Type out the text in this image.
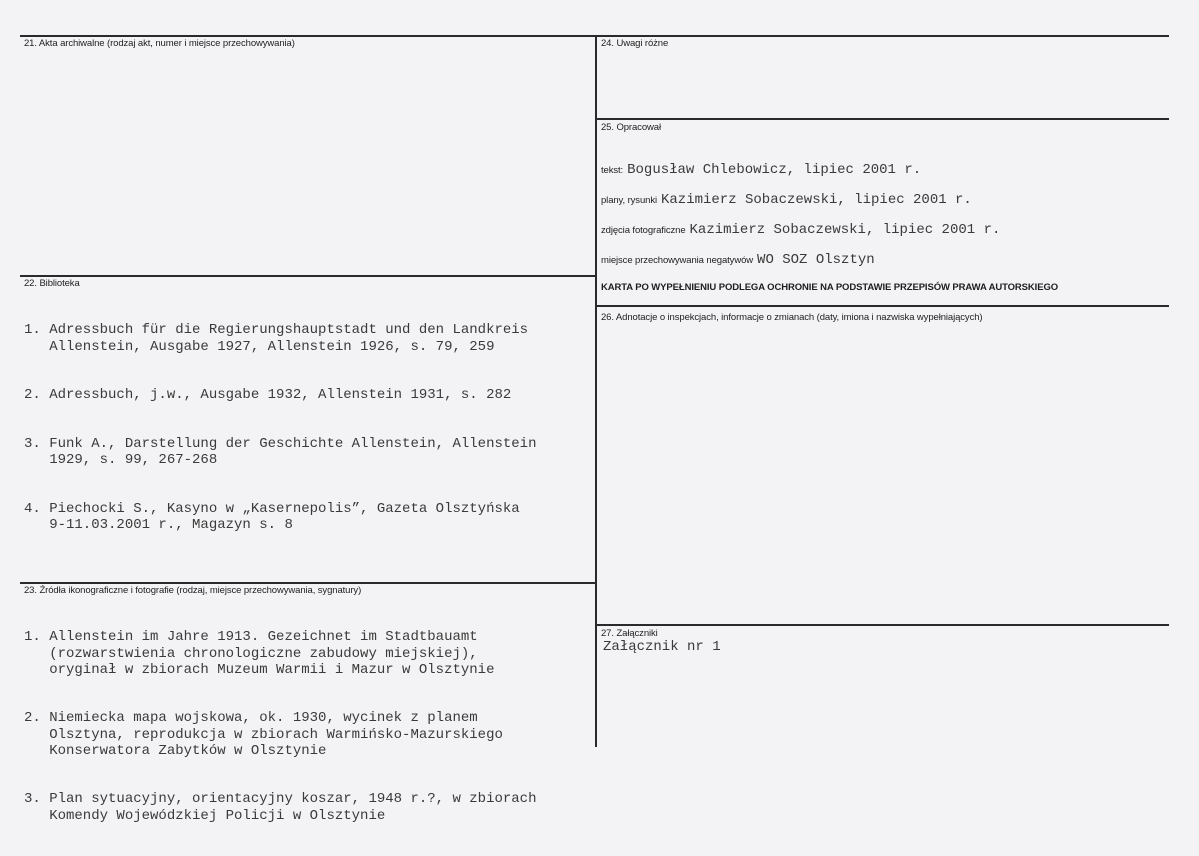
21. Akta archiwalne (rodzaj akt, numer i miejsce przechowywania)
22. Biblioteka

1. Adressbuch für die Regierungshauptstadt und den Landkreis
Allenstein, Ausgabe 1927, Allenstein 1926, s. 79, 259

2. Adressbuch, j.w., Ausgabe 1932, Allenstein 1931, s. 282

3. Funk A., Darstellung der Geschichte Allenstein, Allenstein
1929, s. 99, 267-268

4. Piechocki S., Kasyno w „Kasernepolis”, Gazeta Olsztyńska
9-11.03.2001 r., Magazyn s. 8

23. Źródła ikonograficzne i fotografie (rodzaj, miejsce przechowywania, sygnatury)

1. Allenstein im Jahre 1913. Gezeichnet im Stadtbauamt
(rozwarstwienia chronologiczne zabudowy miejskiej),
oryginał w zbiorach Muzeum Warmii i Mazur w Olsztynie

2. Niemiecka mapa wojskowa, ok. 1930, wycinek z planem
Olsztyna, reprodukcja w zbiorach Warmińsko-Mazurskiego
Konserwatora Zabytków w Olsztynie

3. Plan sytuacyjny, orientacyjny koszar, 1948 r.?, w zbiorach
Komendy Wojewódzkiej Policji w Olsztynie

24. Uwagi różne
25. Opracował
tekst: Bogusław Chlebowicz, lipiec 2001 r.
plany, rysunki Kazimierz Sobaczewski, lipiec 2001 r.
zdjęcia fotograficzne Kazimierz Sobaczewski, lipiec 2001 r.
miejsce przechowywania negatywów WO SOZ Olsztyn
KARTA PO WYPEŁNIENIU PODLEGA OCHRONIE NA PODSTAWIE PRZEPISÓW PRAWA AUTORSKIEGO
26. Adnotacje o inspekcjach, informacje o zmianach (daty, imiona i nazwiska wypełniających)
27. Załączniki
Załącznik nr 1
